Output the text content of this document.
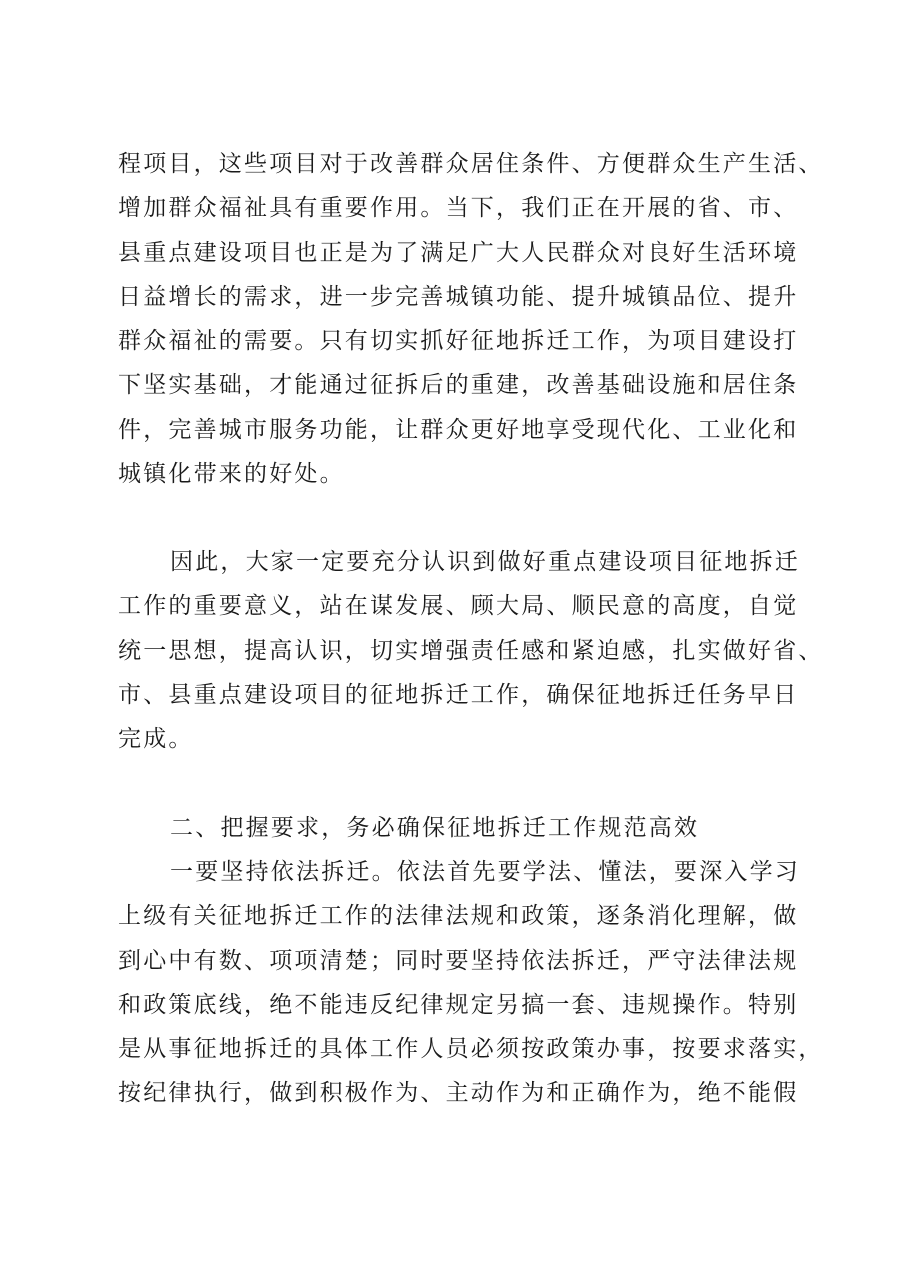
程项目，这些项目对于改善群众居住条件、方便群众生产生活、
增加群众福祉具有重要作用。当下，我们正在开展的省、市、
县重点建设项目也正是为了满足广大人民群众对良好生活环境
日益增长的需求，进一步完善城镇功能、提升城镇品位、提升
群众福祉的需要。只有切实抓好征地拆迁工作，为项目建设打
下坚实基础，才能通过征拆后的重建，改善基础设施和居住条
件，完善城市服务功能，让群众更好地享受现代化、工业化和
城镇化带来的好处。
因此，大家一定要充分认识到做好重点建设项目征地拆迁
工作的重要意义，站在谋发展、顾大局、顺民意的高度，自觉
统一思想，提高认识，切实增强责任感和紧迫感，扎实做好省、
市、县重点建设项目的征地拆迁工作，确保征地拆迁任务早日
完成。
二、把握要求，务必确保征地拆迁工作规范高效
一要坚持依法拆迁。依法首先要学法、懂法，要深入学习
上级有关征地拆迁工作的法律法规和政策，逐条消化理解，做
到心中有数、项项清楚；同时要坚持依法拆迁，严守法律法规
和政策底线，绝不能违反纪律规定另搞一套、违规操作。特别
是从事征地拆迁的具体工作人员必须按政策办事，按要求落实，
按纪律执行，做到积极作为、主动作为和正确作为，绝不能假
